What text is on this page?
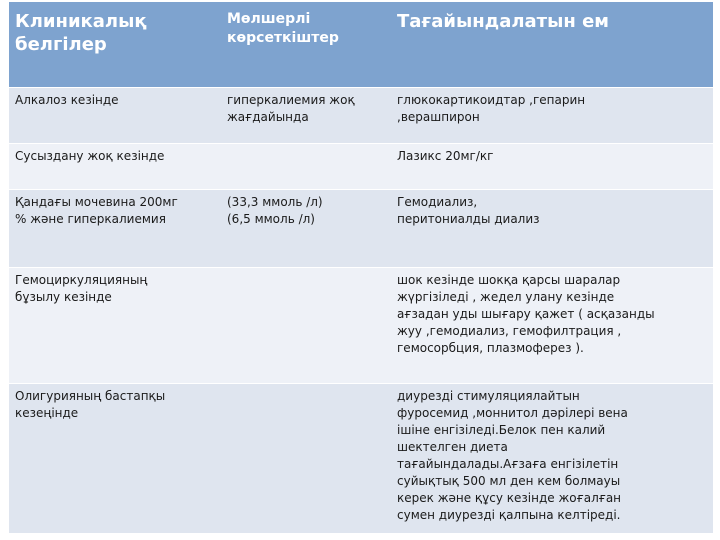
Клиникалық
белгілер
Мөлшерлі
көрсеткіштер
Тағайындалатын ем
Алкалоз кезінде	гиперкалиемия жоқ
жағдайында
глюкокартикоидтар ,гепарин
,верашпирон
Сусыздану жоқ кезінде	Лазикс 20мг/кг
Қандағы мочевина 200мг
% және гиперкалиемия
(33,3 ммоль /л)
(6,5 ммоль /л)
Гемодиализ,
перитониалды диализ
Гемоциркуляцияның
бұзылу кезінде
шок кезінде шокқа қарсы шаралар
жүргізіледі , жедел улану кезінде
ағзадан уды шығару қажет ( асқазанды
жуу ,гемодиализ, гемофилтрация ,
гемосорбция, плазмоферез ).
Олигурияның бастапқы
кезеңінде
диурезді стимуляциялайтын
фуросемид ,моннитол дәрілері вена
ішіне енгізіледі.Белок пен калий
шектелген диета
тағайындалады.Ағзаға енгізілетін
суйықтық 500 мл ден кем болмауы
керек және құсу кезінде жоғалған
сумен диурезді қалпына келтіреді.
